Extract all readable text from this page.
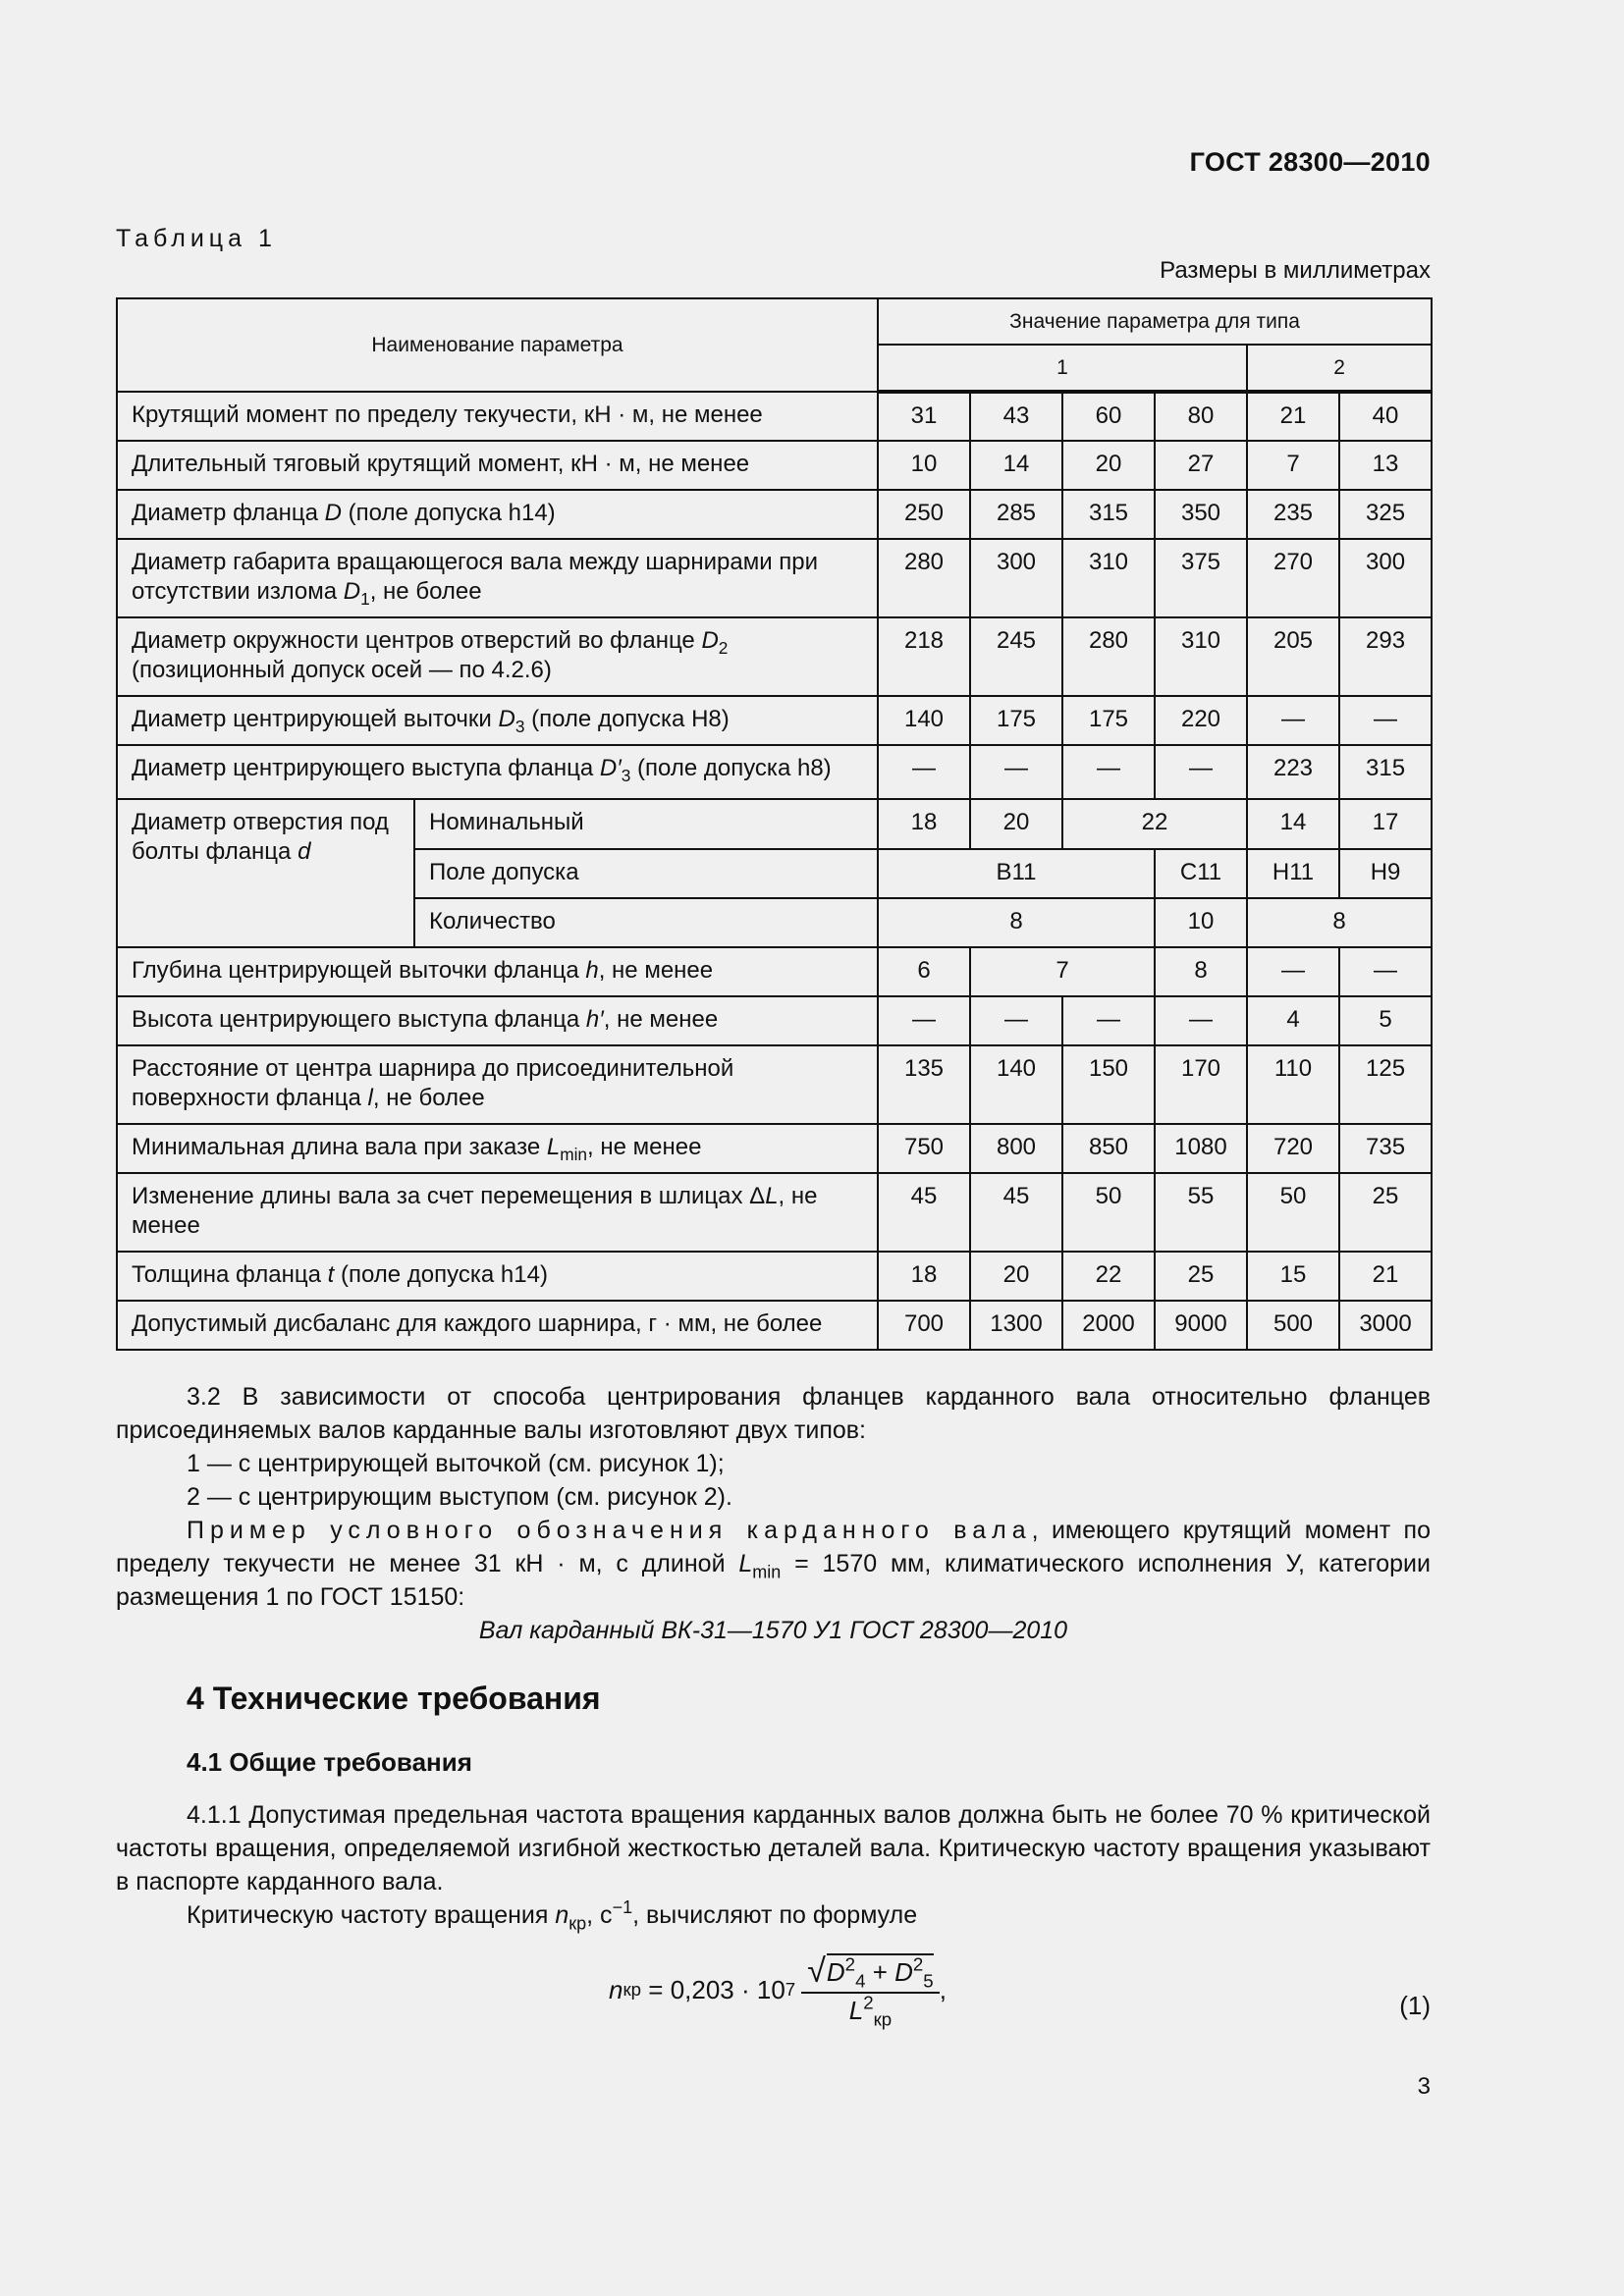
ГОСТ 28300—2010
Таблица 1
Размеры в миллиметрах
Наименование параметра		Значение параметра для типа					
		1				2	
Крутящий момент по пределу текучести, кН · м, не менее		31	43	60	80	21	40
Длительный тяговый крутящий момент, кН · м, не менее		10	14	20	27	7	13
Диаметр фланца D (поле допуска h14)		250	285	315	350	235	325
Диаметр габарита вращающегося вала между шарнирами при отсутствии излома $D_1$, не более		280	300	310	375	270	300
Диаметр окружности центров отверстий во фланце $D_2$ (позиционный допуск осей — по 4.2.6)		218	245	280	310	205	293
Диаметр центрирующей выточки $D_3$ (поле допуска Н8)		140	175	175	220	—	—
Диаметр центрирующего выступа фланца $D'_3$ (поле допуска h8)		—	—	—	—	223	315
Диаметр отверстия под болты фланца d	Номинальный	18	20	22		14	17
	Поле допуска	В11			С11	Н11	Н9
	Количество	8			10	8	
Глубина центрирующей выточки фланца h, не менее		6	7		8	—	—
Высота центрирующего выступа фланца h′, не менее		—	—	—	—	4	5
Расстояние от центра шарнира до присоединительной поверхности фланца l, не более		135	140	150	170	110	125
Минимальная длина вала при заказе $L_{min}$, не менее		750	800	850	1080	720	735
Изменение длины вала за счет перемещения в шлицах ΔL, не менее		45	45	50	55	50	25
Толщина фланца t (поле допуска h14)		18	20	22	25	15	21
Допустимый дисбаланс для каждого шарнира, г · мм, не более		700	1300	2000	9000	500	3000

3.2 В зависимости от способа центрирования фланцев карданного вала относительно фланцев присоединяемых валов карданные валы изготовляют двух типов:

1 — с центрирующей выточкой (см. рисунок 1);

2 — с центрирующим выступом (см. рисунок 2).

Пример условного обозначения карданного вала, имеющего крутящий момент по пределу текучести не менее 31 кН · м, с длиной $L_{min} = 1570$ мм, климатического исполнения У, категории размещения 1 по ГОСТ 15150:

Вал карданный ВК-31—1570 У1 ГОСТ 28300—2010

4 Технические требования
4.1 Общие требования

4.1.1 Допустимая предельная частота вращения карданных валов должна быть не более 70 % критической частоты вращения, определяемой изгибной жесткостью деталей вала. Критическую частоту вращения указывают в паспорте карданного вала.

Критическую частоту вращения $n_{кр}$, $с^{-1}$, вычисляют по формуле

n кр = 0,203 · 10 $7 \frac{√ D^2_4 + D^2_5}{L^2_{кр}}$ ,
(1)
3
